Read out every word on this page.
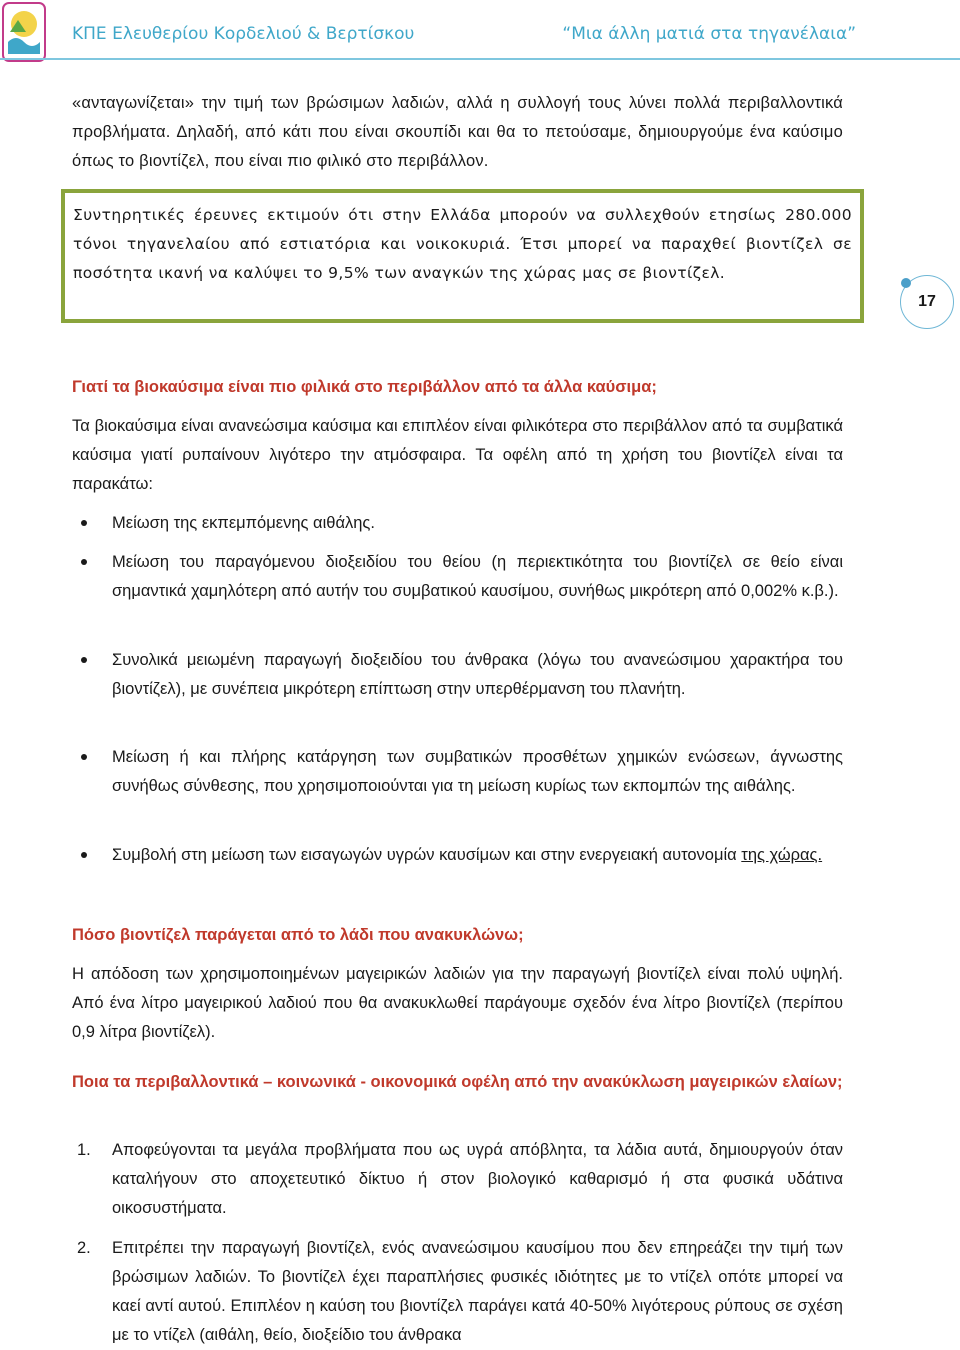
ΚΠΕ Ελευθερίου Κορδελιού & Βερτίσκου	“Μια άλλη ματιά στα τηγανέλαια”

«ανταγωνίζεται» την τιμή των βρώσιμων λαδιών, αλλά η συλλογή τους λύνει πολλά περιβαλλοντικά προβλήματα. Δηλαδή, από κάτι που είναι σκουπίδι και θα το πετούσαμε, δημιουργούμε ένα καύσιμο όπως το βιοντίζελ, που είναι πιο φιλικό στο περιβάλλον.

Συντηρητικές έρευνες εκτιμούν ότι στην Ελλάδα μπορούν να συλλεχθούν ετησίως 280.000 τόνοι τηγανελαίου από εστιατόρια και νοικοκυριά. Έτσι μπορεί να παραχθεί βιοντίζελ σε ποσότητα ικανή να καλύψει το 9,5% των αναγκών της χώρας μας σε βιοντίζελ.

17
Γιατί τα βιοκαύσιμα είναι πιο φιλικά στο περιβάλλον από τα άλλα καύσιμα;

Τα βιοκαύσιμα είναι ανανεώσιμα καύσιμα και επιπλέον είναι φιλικότερα στο περιβάλλον από τα συμβατικά καύσιμα γιατί ρυπαίνουν λιγότερο την ατμόσφαιρα. Τα οφέλη από τη χρήση του βιοντίζελ είναι τα παρακάτω:

Μείωση της εκπεμπόμενης αιθάλης.

Μείωση του παραγόμενου διοξειδίου του θείου (η περιεκτικότητα του βιοντίζελ σε θείο είναι σημαντικά χαμηλότερη από αυτήν του συμβατικού καυσίμου, συνήθως μικρότερη από 0,002% κ.β.).

Συνολικά μειωμένη παραγωγή διοξειδίου του άνθρακα (λόγω του ανανεώσιμου χαρακτήρα του βιοντίζελ), με συνέπεια μικρότερη επίπτωση στην υπερθέρμανση του πλανήτη.

Μείωση ή και πλήρης κατάργηση των συμβατικών προσθέτων χημικών ενώσεων, άγνωστης συνήθως σύνθεσης, που χρησιμοποιούνται για τη μείωση κυρίως των εκπομπών της αιθάλης.

Συμβολή στη μείωση των εισαγωγών υγρών καυσίμων και στην ενεργειακή αυτονομία της χώρας.

Πόσο βιοντίζελ παράγεται από το λάδι που ανακυκλώνω;

Η απόδοση των χρησιμοποιημένων μαγειρικών λαδιών για την παραγωγή βιοντίζελ είναι πολύ υψηλή. Από ένα λίτρο μαγειρικού λαδιού που θα ανακυκλωθεί παράγουμε σχεδόν ένα λίτρο βιοντίζελ (περίπου 0,9 λίτρα βιοντίζελ).

Ποια τα περιβαλλοντικά – κοινωνικά - οικονομικά οφέλη από την ανακύκλωση μαγειρικών ελαίων;

1. Αποφεύγονται τα μεγάλα προβλήματα που ως υγρά απόβλητα, τα λάδια αυτά, δημιουργούν όταν καταλήγουν στο αποχετευτικό δίκτυο ή στον βιολογικό καθαρισμό ή στα φυσικά υδάτινα οικοσυστήματα.

2. Επιτρέπει την παραγωγή βιοντίζελ, ενός ανανεώσιμου καυσίμου που δεν επηρεάζει την τιμή των βρώσιμων λαδιών. Το βιοντίζελ έχει παραπλήσιες φυσικές ιδιότητες με το ντίζελ οπότε μπορεί να καεί αντί αυτού. Επιπλέον η καύση του βιοντίζελ παράγει κατά 40-50% λιγότερους ρύπους σε σχέση με το ντίζελ (αιθάλη, θείο, διοξείδιο του άνθρακα
